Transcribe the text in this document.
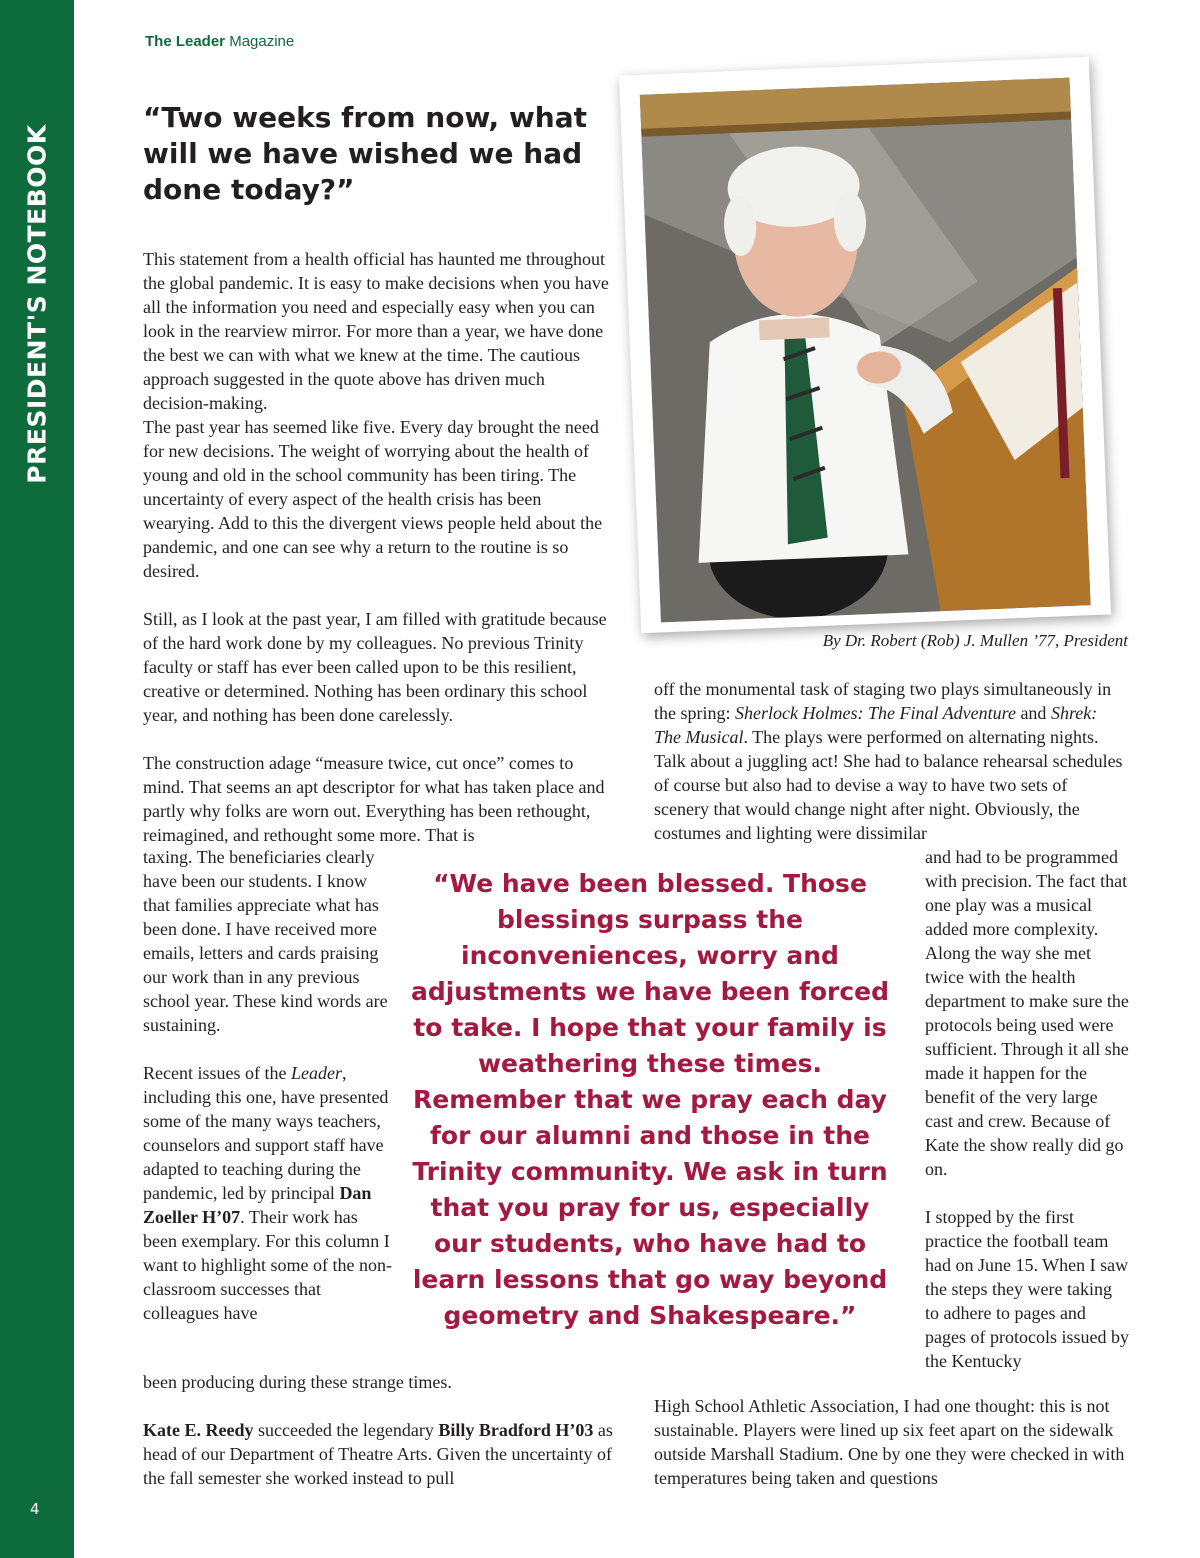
PRESIDENT'S NOTEBOOK
4
The Leader Magazine
“Two weeks from now, what will we have wished we had done today?”

This statement from a health official has haunted me throughout the global pandemic. It is easy to make decisions when you have all the information you need and especially easy when you can look in the rearview mirror. For more than a year, we have done the best we can with what we knew at the time. The cautious approach suggested in the quote above has driven much decision-making.

The past year has seemed like five. Every day brought the need for new decisions. The weight of worrying about the health of young and old in the school community has been tiring. The uncertainty of every aspect of the health crisis has been wearying. Add to this the divergent views people held about the pandemic, and one can see why a return to the routine is so desired.

Still, as I look at the past year, I am filled with gratitude because of the hard work done by my colleagues. No previous Trinity faculty or staff has ever been called upon to be this resilient, creative or determined. Nothing has been ordinary this school year, and nothing has been done carelessly.

The construction adage “measure twice, cut once” comes to mind. That seems an apt descriptor for what has taken place and partly why folks are worn out. Everything has been rethought, reimagined, and rethought some more. That is

taxing. The beneficiaries clearly have been our students. I know that families appreciate what has been done. I have received more emails, letters and cards praising our work than in any previous school year. These kind words are sustaining.

Recent issues of the Leader, including this one, have presented some of the many ways teachers, counselors and support staff have adapted to teaching during the pandemic, led by principal Dan Zoeller H’07. Their work has been exemplary. For this column I want to highlight some of the non-classroom successes that colleagues have

been producing during these strange times.

Kate E. Reedy succeeded the legendary Billy Bradford H’03 as head of our Department of Theatre Arts. Given the uncertainty of the fall semester she worked instead to pull

By Dr. Robert (Rob) J. Mullen ’77, President

off the monumental task of staging two plays simultaneously in the spring: Sherlock Holmes: The Final Adventure and Shrek: The Musical. The plays were performed on alternating nights. Talk about a juggling act! She had to balance rehearsal schedules of course but also had to devise a way to have two sets of scenery that would change night after night. Obviously, the costumes and lighting were dissimilar

and had to be programmed with precision. The fact that one play was a musical added more complexity. Along the way she met twice with the health department to make sure the protocols being used were sufficient. Through it all she made it happen for the benefit of the very large cast and crew. Because of Kate the show really did go on.

I stopped by the first practice the football team had on June 15. When I saw the steps they were taking to adhere to pages and pages of protocols issued by the Kentucky

High School Athletic Association, I had one thought: this is not sustainable. Players were lined up six feet apart on the sidewalk outside Marshall Stadium. One by one they were checked in with temperatures being taken and questions

“We have been blessed. Those blessings surpass the inconveniences, worry and adjustments we have been forced to take. I hope that your family is weathering these times. Remember that we pray each day for our alumni and those in the Trinity community. We ask in turn that you pray for us, especially our students, who have had to learn lessons that go way beyond geometry and Shakespeare.”
